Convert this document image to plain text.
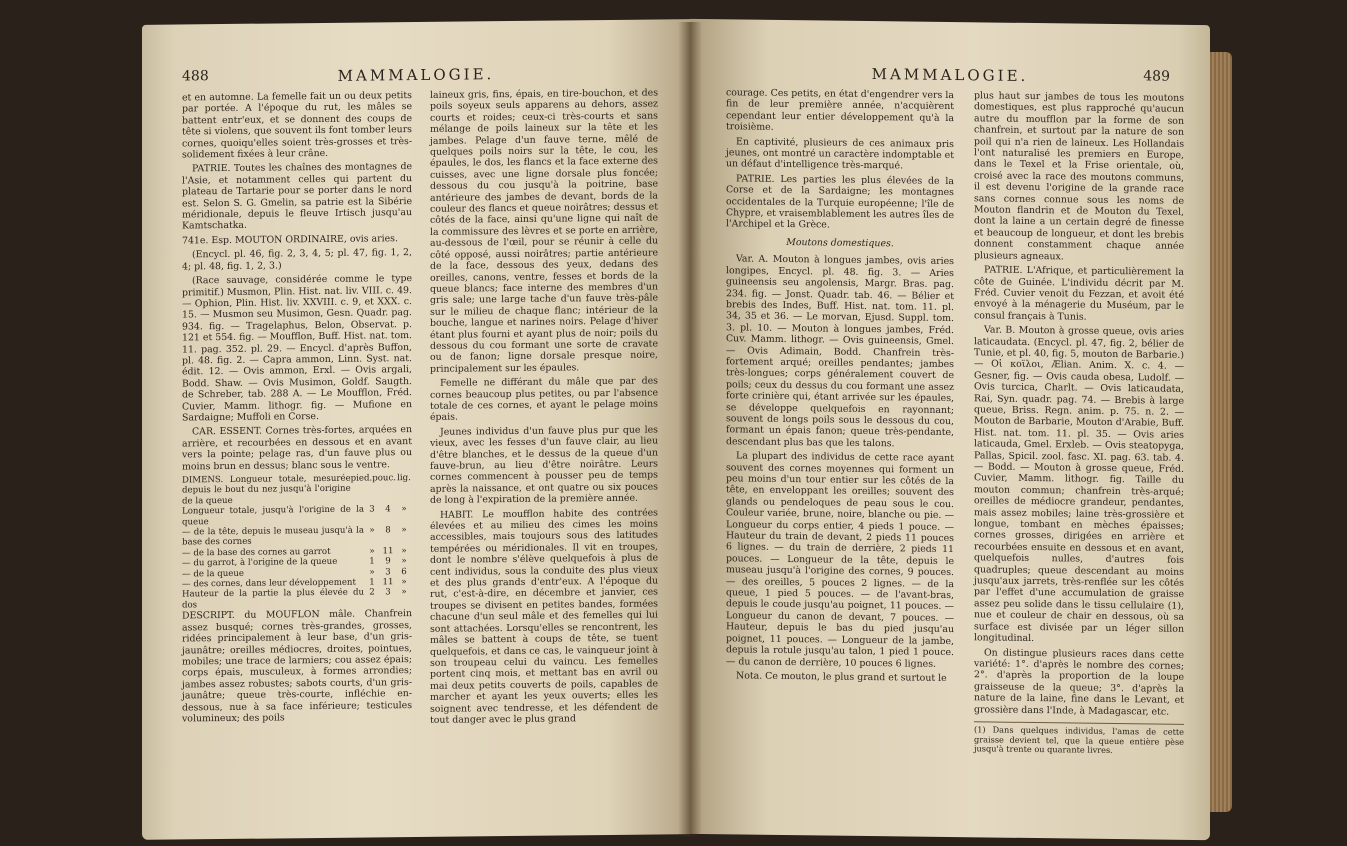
488	MAMMALOGIE.

et en automne. La femelle fait un ou deux petits par portée. A l'époque du rut, les mâles se battent entr'eux, et se donnent des coups de tête si violens, que souvent ils font tomber leurs cornes, quoiqu'elles soient très-grosses et très-solidement fixées à leur crâne.

PATRIE. Toutes les chaînes des montagnes de l'Asie, et notamment celles qui partent du plateau de Tartarie pour se porter dans le nord est. Selon S. G. Gmelin, sa patrie est la Sibérie méridionale, depuis le fleuve Irtisch jusqu'au Kamtschatka.

741e. Esp. MOUTON ORDINAIRE, ovis aries.

(Encycl. pl. 46, fig. 2, 3, 4, 5; pl. 47, fig. 1, 2, 4; pl. 48, fig. 1, 2, 3.)

(Race sauvage, considérée comme le type primitif.) Musmon, Plin. Hist. nat. liv. VIII. c. 49. — Ophion, Plin. Hist. liv. XXVIII. c. 9, et XXX. c. 15. — Musmon seu Musimon, Gesn. Quadr. pag. 934. fig. — Tragelaphus, Belon, Observat. p. 121 et 554. fig. — Moufflon, Buff. Hist. nat. tom. 11. pag. 352. pl. 29. — Encycl. d'après Buffon, pl. 48. fig. 2. — Capra ammon, Linn. Syst. nat. édit. 12. — Ovis ammon, Erxl. — Ovis argali, Bodd. Shaw. — Ovis Musimon, Goldf. Saugth. de Schreber, tab. 288 A. — Le Moufflon, Fréd. Cuvier, Mamm. lithogr. fig. — Mufione en Sardaigne; Muffoli en Corse.

CAR. ESSENT. Cornes très-fortes, arquées en arrière, et recourbées en dessous et en avant vers la pointe; pelage ras, d'un fauve plus ou moins brun en dessus; blanc sous le ventre.

DIMENS. Longueur totale, mesurée depuis le bout du nez jusqu'à l'origine de la queue	pied.	pouc.	lig.
Longueur totale, jusqu'à l'origine de la queue	3	4	»
— de la tête, depuis le museau jusqu'à la base des cornes	»	8	»
— de la base des cornes au garrot	»	11	»
— du garrot, à l'origine de la queue	1	9	»
— de la queue	»	3	6
— des cornes, dans leur développement	1	11	»
Hauteur de la partie la plus élevée du dos	2	3	»

DESCRIPT. du MOUFLON mâle. Chanfrein assez busqué; cornes très-grandes, grosses, ridées principalement à leur base, d'un gris-jaunâtre; oreilles médiocres, droites, pointues, mobiles; une trace de larmiers; cou assez épais; corps épais, musculeux, à formes arrondies; jambes assez robustes; sabots courts, d'un gris-jaunâtre; queue très-courte, infléchie en-dessous, nue à sa face inférieure; testicules volumineux; des poils

laineux gris, fins, épais, en tire-bouchon, et des poils soyeux seuls apparens au dehors, assez courts et roides; ceux-ci très-courts et sans mélange de poils laineux sur la tête et les jambes. Pelage d'un fauve terne, mêlé de quelques poils noirs sur la tête, le cou, les épaules, le dos, les flancs et la face externe des cuisses, avec une ligne dorsale plus foncée; dessous du cou jusqu'à la poitrine, base antérieure des jambes de devant, bords de la couleur des flancs et queue noirâtres; dessus et côtés de la face, ainsi qu'une ligne qui naît de la commissure des lèvres et se porte en arrière, au-dessous de l'œil, pour se réunir à celle du côté opposé, aussi noirâtres; partie antérieure de la face, dessous des yeux, dedans des oreilles, canons, ventre, fesses et bords de la queue blancs; face interne des membres d'un gris sale; une large tache d'un fauve très-pâle sur le milieu de chaque flanc; intérieur de la bouche, langue et narines noirs. Pelage d'hiver étant plus fourni et ayant plus de noir; poils du dessous du cou formant une sorte de cravate ou de fanon; ligne dorsale presque noire, principalement sur les épaules.

Femelle ne différant du mâle que par des cornes beaucoup plus petites, ou par l'absence totale de ces cornes, et ayant le pelage moins épais.

Jeunes individus d'un fauve plus pur que les vieux, avec les fesses d'un fauve clair, au lieu d'être blanches, et le dessus de la queue d'un fauve-brun, au lieu d'être noirâtre. Leurs cornes commencent à pousser peu de temps après la naissance, et ont quatre ou six pouces de long à l'expiration de la première année.

HABIT. Le moufflon habite des contrées élevées et au milieu des cimes les moins accessibles, mais toujours sous des latitudes tempérées ou méridionales. Il vit en troupes, dont le nombre s'élève quelquefois à plus de cent individus, sous la conduite des plus vieux et des plus grands d'entr'eux. A l'époque du rut, c'est-à-dire, en décembre et janvier, ces troupes se divisent en petites bandes, formées chacune d'un seul mâle et des femelles qui lui sont attachées. Lorsqu'elles se rencontrent, les mâles se battent à coups de tête, se tuent quelquefois, et dans ce cas, le vainqueur joint à son troupeau celui du vaincu. Les femelles portent cinq mois, et mettant bas en avril ou mai deux petits couverts de poils, capables de marcher et ayant les yeux ouverts; elles les soignent avec tendresse, et les défendent de tout danger avec le plus grand

MAMMALOGIE.	489

courage. Ces petits, en état d'engendrer vers la fin de leur première année, n'acquièrent cependant leur entier développement qu'à la troisième.

En captivité, plusieurs de ces animaux pris jeunes, ont montré un caractère indomptable et un défaut d'intelligence très-marqué.

PATRIE. Les parties les plus élevées de la Corse et de la Sardaigne; les montagnes occidentales de la Turquie européenne; l'île de Chypre, et vraisemblablement les autres îles de l'Archipel et la Grèce.

Moutons domestiques.

Var. A. Mouton à longues jambes, ovis aries longipes, Encycl. pl. 48. fig. 3. — Aries guineensis seu angolensis, Margr. Bras. pag. 234. fig. — Jonst. Quadr. tab. 46. — Bélier et brebis des Indes, Buff. Hist. nat. tom. 11. pl. 34, 35 et 36. — Le morvan, Ejusd. Suppl. tom. 3. pl. 10. — Mouton à longues jambes, Fréd. Cuv. Mamm. lithogr. — Ovis guineensis, Gmel. — Ovis Adimain, Bodd. Chanfrein très-fortement arqué; oreilles pendantes; jambes très-longues; corps généralement couvert de poils; ceux du dessus du cou formant une assez forte crinière qui, étant arrivée sur les épaules, se développe quelquefois en rayonnant; souvent de longs poils sous le dessous du cou, formant un épais fanon; queue très-pendante, descendant plus bas que les talons.

La plupart des individus de cette race ayant souvent des cornes moyennes qui forment un peu moins d'un tour entier sur les côtés de la tête, en enveloppant les oreilles; souvent des glands ou pendeloques de peau sous le cou. Couleur variée, brune, noire, blanche ou pie. — Longueur du corps entier, 4 pieds 1 pouce. — Hauteur du train de devant, 2 pieds 11 pouces 6 lignes. — du train de derrière, 2 pieds 11 pouces. — Longueur de la tête, depuis le museau jusqu'à l'origine des cornes, 9 pouces. — des oreilles, 5 pouces 2 lignes. — de la queue, 1 pied 5 pouces. — de l'avant-bras, depuis le coude jusqu'au poignet, 11 pouces. — Longueur du canon de devant, 7 pouces. — Hauteur, depuis le bas du pied jusqu'au poignet, 11 pouces. — Longueur de la jambe, depuis la rotule jusqu'au talon, 1 pied 1 pouce. — du canon de derrière, 10 pouces 6 lignes.

Nota. Ce mouton, le plus grand et surtout le

plus haut sur jambes de tous les moutons domestiques, est plus rapproché qu'aucun autre du moufflon par la forme de son chanfrein, et surtout par la nature de son poil qui n'a rien de laineux. Les Hollandais l'ont naturalisé les premiers en Europe, dans le Texel et la Frise orientale, où, croisé avec la race des moutons communs, il est devenu l'origine de la grande race sans cornes connue sous les noms de Mouton flandrin et de Mouton du Texel, dont la laine a un certain degré de finesse et beaucoup de longueur, et dont les brebis donnent constamment chaque année plusieurs agneaux.

PATRIE. L'Afrique, et particulièrement la côte de Guinée. L'individu décrit par M. Fréd. Cuvier venoit du Fezzan, et avoit été envoyé à la ménagerie du Muséum, par le consul français à Tunis.

Var. B. Mouton à grosse queue, ovis aries laticaudata. (Encycl. pl. 47, fig. 2, bélier de Tunie, et pl. 40, fig. 5, mouton de Barbarie.) — Οἱ κοϊλοι, Ælian. Anim. X. c. 4. — Gesner, fig. — Ovis cauda obesa, Ludolf. — Ovis turcica, Charlt. — Ovis laticaudata, Rai, Syn. quadr. pag. 74. — Brebis à large queue, Briss. Regn. anim. p. 75. n. 2. — Mouton de Barbarie, Mouton d'Arabie, Buff. Hist. nat. tom. 11. pl. 35. — Ovis aries laticauda, Gmel. Erxleb. — Ovis steatopyga, Pallas, Spicil. zool. fasc. XI. pag. 63. tab. 4. — Bodd. — Mouton à grosse queue, Fréd. Cuvier, Mamm. lithogr. fig. Taille du mouton commun; chanfrein très-arqué; oreilles de médiocre grandeur, pendantes, mais assez mobiles; laine très-grossière et longue, tombant en mèches épaisses; cornes grosses, dirigées en arrière et recourbées ensuite en dessous et en avant, quelquefois nulles, d'autres fois quadruples; queue descendant au moins jusqu'aux jarrets, très-renflée sur les côtés par l'effet d'une accumulation de graisse assez peu solide dans le tissu cellulaire (1), nue et couleur de chair en dessous, où sa surface est divisée par un léger sillon longitudinal.

On distingue plusieurs races dans cette variété: 1°. d'après le nombre des cornes; 2°. d'après la proportion de la loupe graisseuse de la queue; 3°. d'après la nature de la laine, fine dans le Levant, et grossière dans l'Inde, à Madagascar, etc.

(1) Dans quelques individus, l'amas de cette graisse devient tel, que la queue entière pèse jusqu'à trente ou quarante livres.
